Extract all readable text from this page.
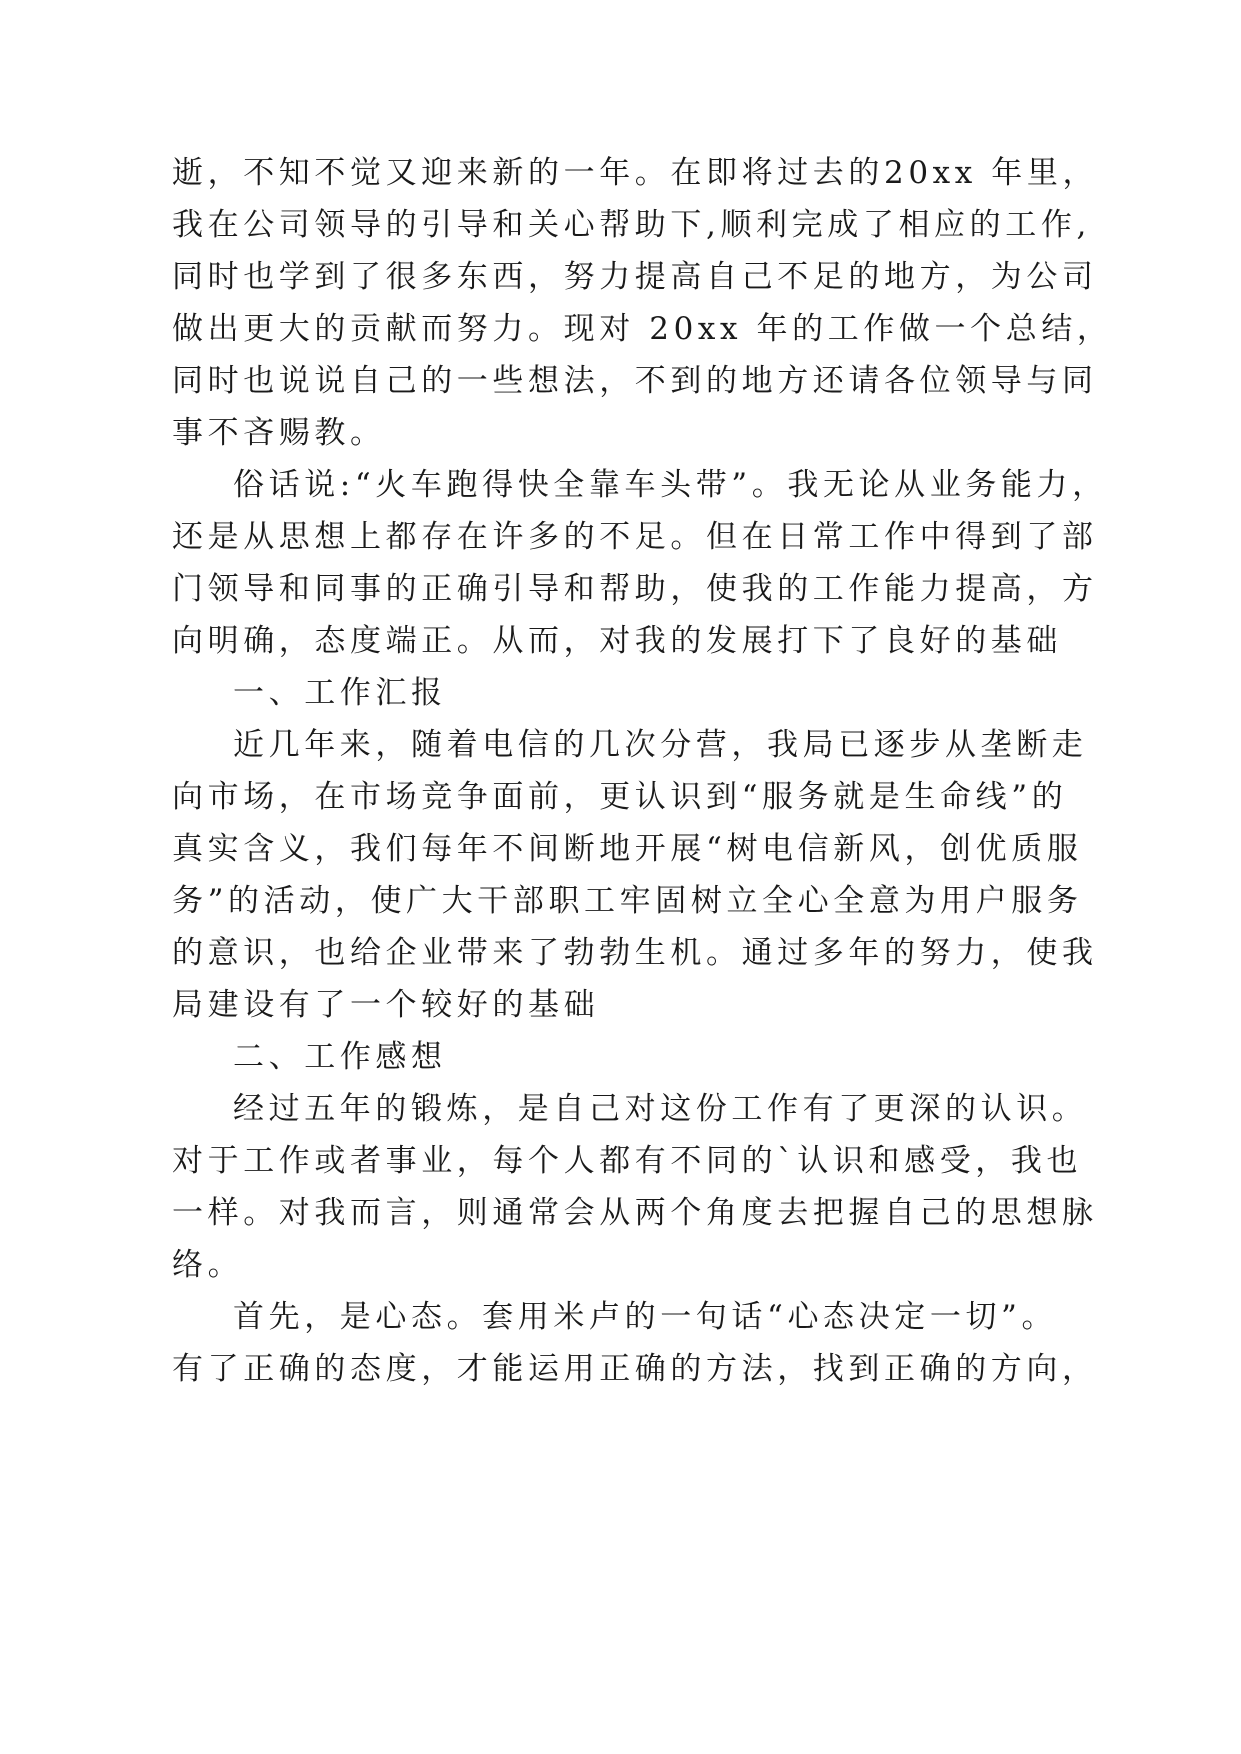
逝，不知不觉又迎来新的一年。在即将过去的20xx 年里，
我在公司领导的引导和关心帮助下,顺利完成了相应的工作,
同时也学到了很多东西，努力提高自己不足的地方，为公司
做出更大的贡献而努力。现对 20xx 年的工作做一个总结，
同时也说说自己的一些想法，不到的地方还请各位领导与同
事不吝赐教。
俗话说:“火车跑得快全靠车头带”。我无论从业务能力，
还是从思想上都存在许多的不足。但在日常工作中得到了部
门领导和同事的正确引导和帮助，使我的工作能力提高，方
向明确，态度端正。从而，对我的发展打下了良好的基础
一、工作汇报
近几年来，随着电信的几次分营，我局已逐步从垄断走
向市场，在市场竞争面前，更认识到“服务就是生命线”的
真实含义，我们每年不间断地开展“树电信新风，创优质服
务”的活动，使广大干部职工牢固树立全心全意为用户服务
的意识，也给企业带来了勃勃生机。通过多年的努力，使我
局建设有了一个较好的基础
二、工作感想
经过五年的锻炼，是自己对这份工作有了更深的认识。
对于工作或者事业，每个人都有不同的`认识和感受，我也
一样。对我而言，则通常会从两个角度去把握自己的思想脉
络。
首先，是心态。套用米卢的一句话“心态决定一切”。
有了正确的态度，才能运用正确的方法，找到正确的方向，
